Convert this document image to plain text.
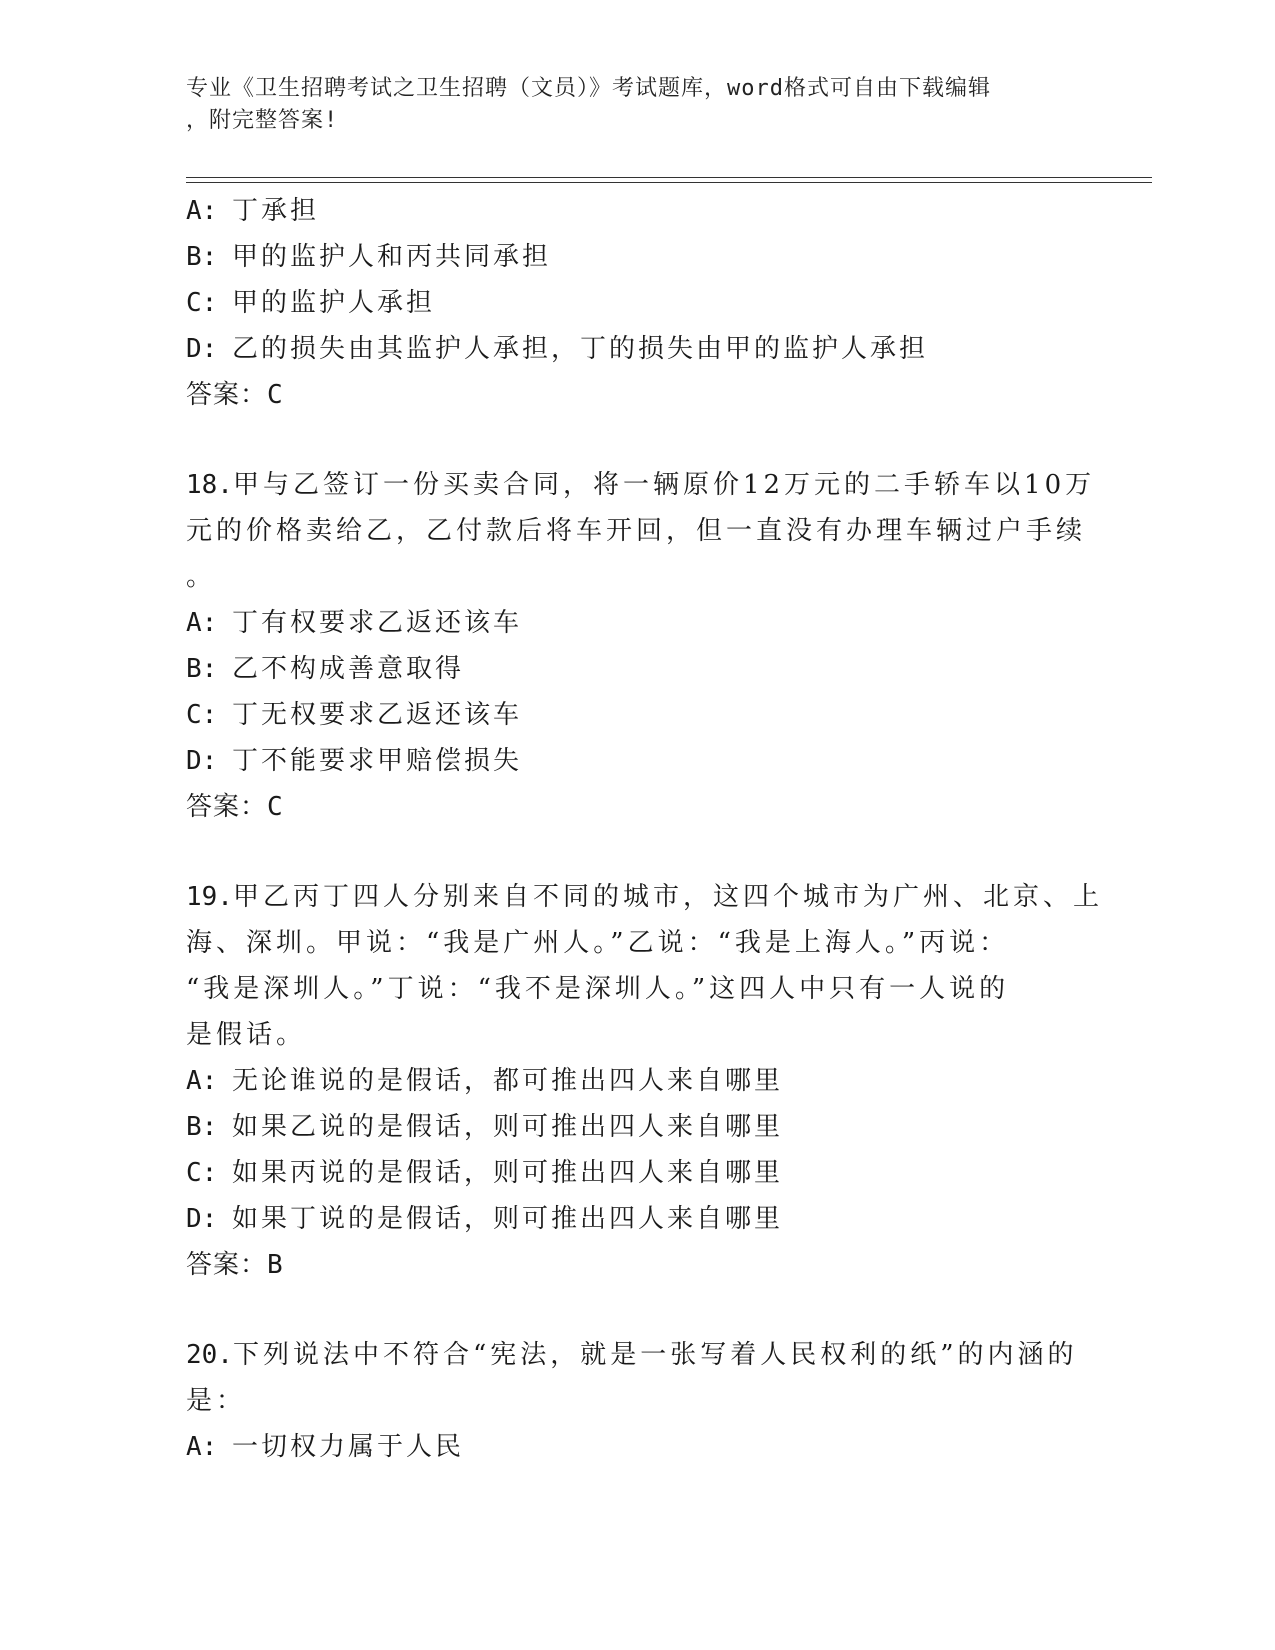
专业《卫生招聘考试之卫生招聘（文员）》考试题库，word格式可自由下载编辑
，附完整答案!
A: 丁承担
B: 甲的监护人和丙共同承担
C: 甲的监护人承担
D: 乙的损失由其监护人承担，丁的损失由甲的监护人承担
答案：C
18.甲与乙签订一份买卖合同，将一辆原价12万元的二手轿车以10万
元的价格卖给乙，乙付款后将车开回，但一直没有办理车辆过户手续
。
A: 丁有权要求乙返还该车
B: 乙不构成善意取得
C: 丁无权要求乙返还该车
D: 丁不能要求甲赔偿损失
答案：C
19.甲乙丙丁四人分别来自不同的城市，这四个城市为广州、北京、上
海、深圳。甲说：“我是广州人。”乙说：“我是上海人。”丙说：
“我是深圳人。”丁说：“我不是深圳人。”这四人中只有一人说的
是假话。
A: 无论谁说的是假话，都可推出四人来自哪里
B: 如果乙说的是假话，则可推出四人来自哪里
C: 如果丙说的是假话，则可推出四人来自哪里
D: 如果丁说的是假话，则可推出四人来自哪里
答案：B
20.下列说法中不符合“宪法，就是一张写着人民权利的纸”的内涵的
是：
A: 一切权力属于人民
